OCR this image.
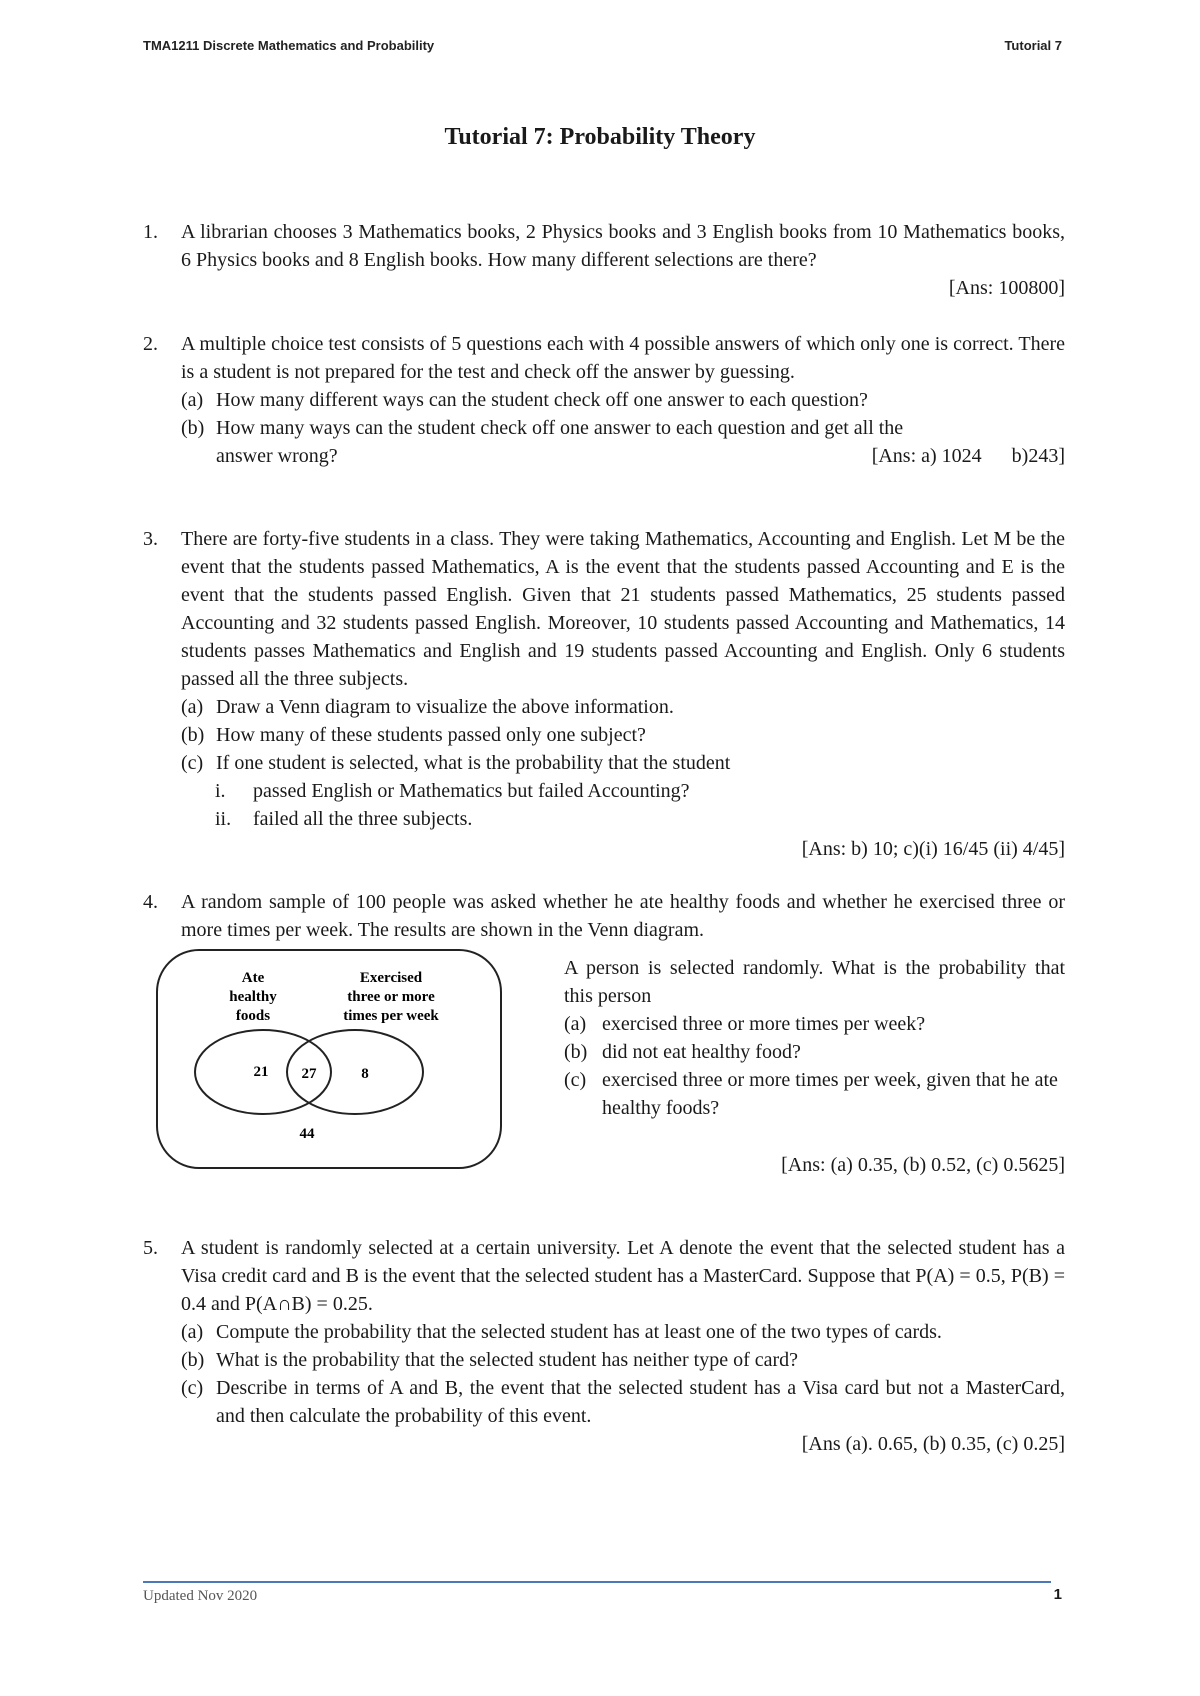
TMA1211 Discrete Mathematics and Probability	Tutorial 7
Tutorial 7: Probability Theory
1.	A librarian chooses 3 Mathematics books, 2 Physics books and 3 English books from 10 Mathematics books, 6 Physics books and 8 English books. How many different selections are there?
[Ans: 100800]
2.	A multiple choice test consists of 5 questions each with 4 possible answers of which only one is correct. There is a student is not prepared for the test and check off the answer by guessing.
(a) How many different ways can the student check off one answer to each question?
(b) How many ways can the student check off one answer to each question and get all the
answer wrong?	[Ans: a) 1024      b)243]
3.	There are forty-five students in a class. They were taking Mathematics, Accounting and English. Let M be the event that the students passed Mathematics, A is the event that the students passed Accounting and E is the event that the students passed English. Given that 21 students passed Mathematics, 25 students passed Accounting and 32 students passed English. Moreover, 10 students passed Accounting and Mathematics, 14 students passes Mathematics and English and 19 students passed Accounting and English. Only 6 students passed all the three subjects.
(a) Draw a Venn diagram to visualize the above information.
(b) How many of these students passed only one subject?
(c) If one student is selected, what is the probability that the student
i. passed English or Mathematics but failed Accounting?
ii. failed all the three subjects.
[Ans: b) 10; c)(i) 16/45 (ii) 4/45]
4.	A random sample of 100 people was asked whether he ate healthy foods and whether he exercised three or more times per week. The results are shown in the Venn diagram.
Ate
healthy
foods
Exercised
three or more
times per week
21 27	8
44
A person is selected randomly. What is the probability that this person
(a) exercised three or more times per week?
(b) did not eat healthy food?
(c) exercised three or more times per week, given that he ate healthy foods?
[Ans: (a) 0.35, (b) 0.52, (c) 0.5625]
5.	A student is randomly selected at a certain university. Let A denote the event that the selected student has a Visa credit card and B is the event that the selected student has a MasterCard. Suppose that P(A) = 0.5, P(B) = 0.4 and P(A∩B) = 0.25.
(a) Compute the probability that the selected student has at least one of the two types of cards.
(b) What is the probability that the selected student has neither type of card?
(c) Describe in terms of A and B, the event that the selected student has a Visa card but not a MasterCard, and then calculate the probability of this event.
[Ans (a). 0.65, (b) 0.35, (c) 0.25]
Updated Nov 2020	1
